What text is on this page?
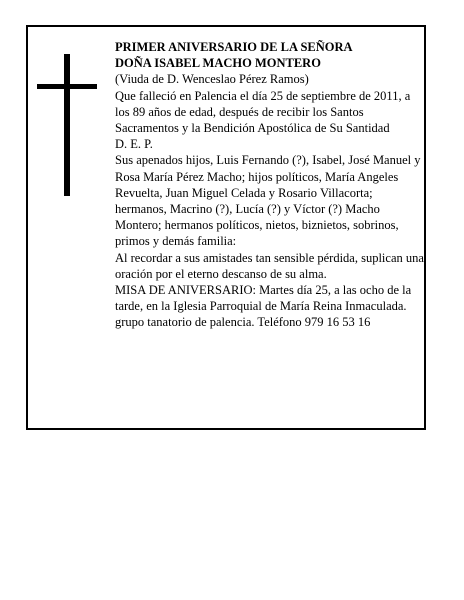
PRIMER ANIVERSARIO DE LA SEÑORA

DOÑA ISABEL MACHO MONTERO

(Viuda de D. Wenceslao Pérez Ramos)

Que falleció en Palencia el día 25 de septiembre de 2011, a los 89 años de edad, después de recibir los Santos Sacramentos y la Bendición Apostólica de Su Santidad

D. E. P.

Sus apenados hijos, Luis Fernando (?), Isabel, José Manuel y Rosa María Pérez Macho; hijos políticos, María Angeles Revuelta, Juan Miguel Celada y Rosario Villacorta; hermanos, Macrino (?), Lucía (?) y Víctor (?) Macho Montero; hermanos políticos, nietos, biznietos, sobrinos, primos y demás familia:

Al recordar a sus amistades tan sensible pérdida, suplican una oración por el eterno descanso de su alma.

MISA DE ANIVERSARIO: Martes día 25, a las ocho de la tarde, en la Iglesia Parroquial de María Reina Inmaculada.

grupo tanatorio de palencia. Teléfono 979 16 53 16
